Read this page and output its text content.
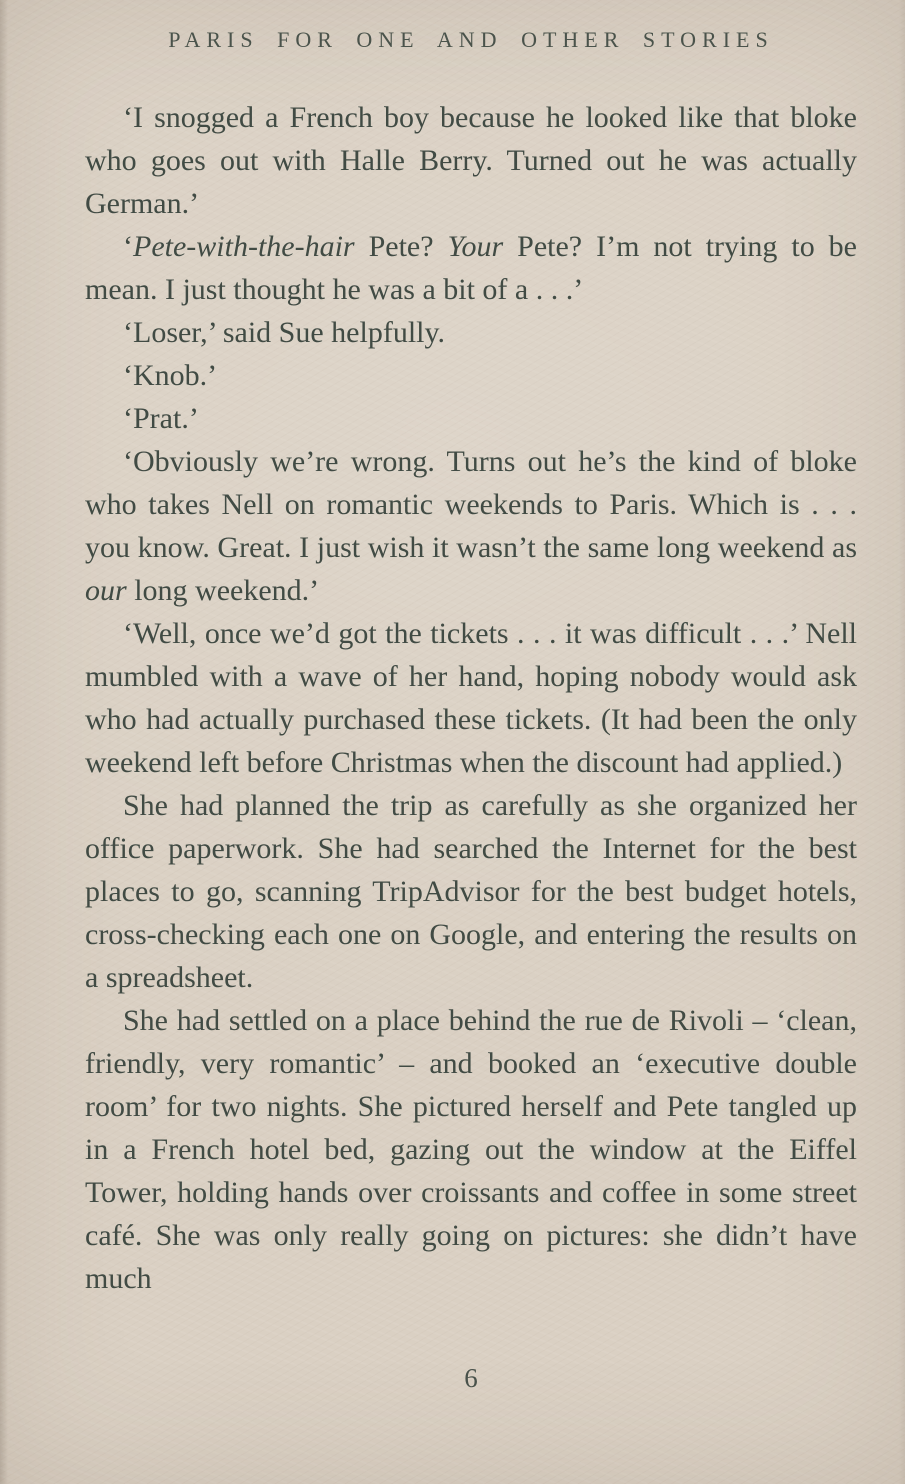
PARIS FOR ONE AND OTHER STORIES

‘I snogged a French boy because he looked like that bloke who goes out with Halle Berry. Turned out he was actually German.’

‘Pete-with-the-hair Pete? Your Pete? I’m not trying to be mean. I just thought he was a bit of a . . .’

‘Loser,’ said Sue helpfully.

‘Knob.’

‘Prat.’

‘Obviously we’re wrong. Turns out he’s the kind of bloke who takes Nell on romantic weekends to Paris. Which is . . . you know. Great. I just wish it wasn’t the same long weekend as our long weekend.’

‘Well, once we’d got the tickets . . . it was difficult . . .’ Nell mumbled with a wave of her hand, hoping nobody would ask who had actually purchased these tickets. (It had been the only weekend left before Christmas when the discount had applied.)

She had planned the trip as carefully as she organized her office paperwork. She had searched the Internet for the best places to go, scanning TripAdvisor for the best budget hotels, cross-checking each one on Google, and entering the results on a spreadsheet.

She had settled on a place behind the rue de Rivoli – ‘clean, friendly, very romantic’ – and booked an ‘executive double room’ for two nights. She pictured herself and Pete tangled up in a French hotel bed, gazing out the window at the Eiffel Tower, holding hands over croissants and coffee in some street café. She was only really going on pictures: she didn’t have much

6
